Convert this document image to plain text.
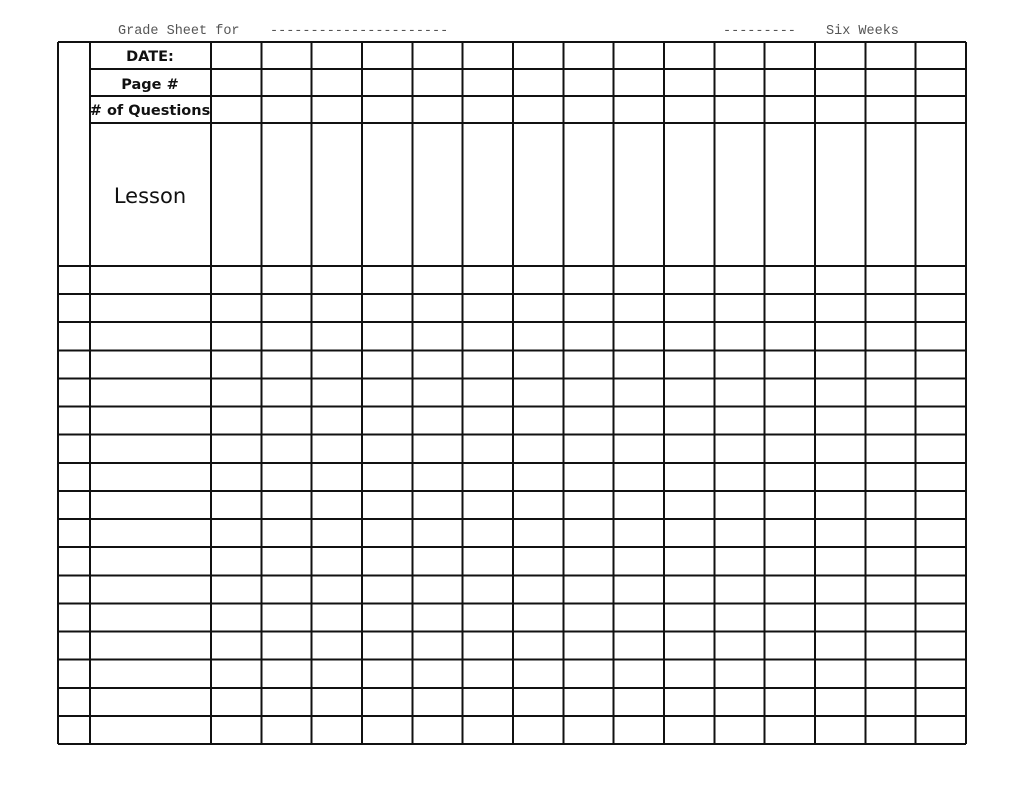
Grade Sheet for

----------------------

	---------

Six Weeks

DATE:
Page #
# of Questions
Lesson
